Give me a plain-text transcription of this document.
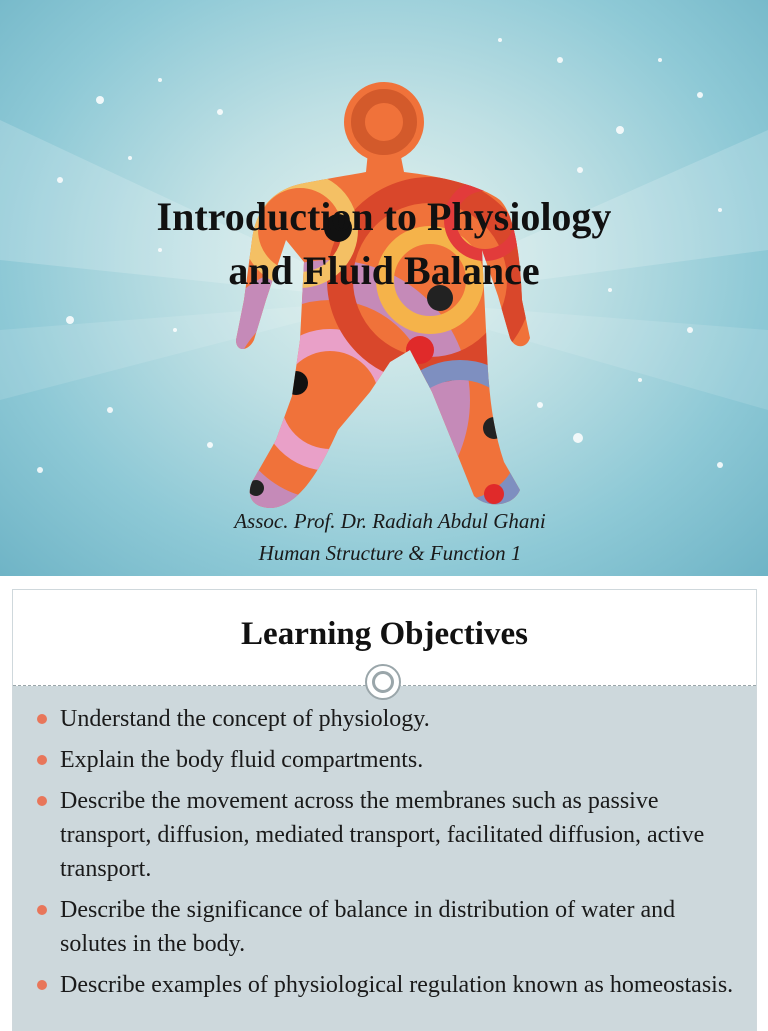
Introduction to Physiology
and Fluid Balance
Assoc. Prof. Dr. Radiah Abdul Ghani
Human Structure & Function 1
Learning Objectives
Understand the concept of physiology.
Explain the body fluid compartments.
Describe the movement across the membranes such as passive transport, diffusion, mediated transport, facilitated diffusion, active transport.
Describe the significance of balance in distribution of water and solutes in the body.
Describe examples of physiological regulation known as homeostasis.
